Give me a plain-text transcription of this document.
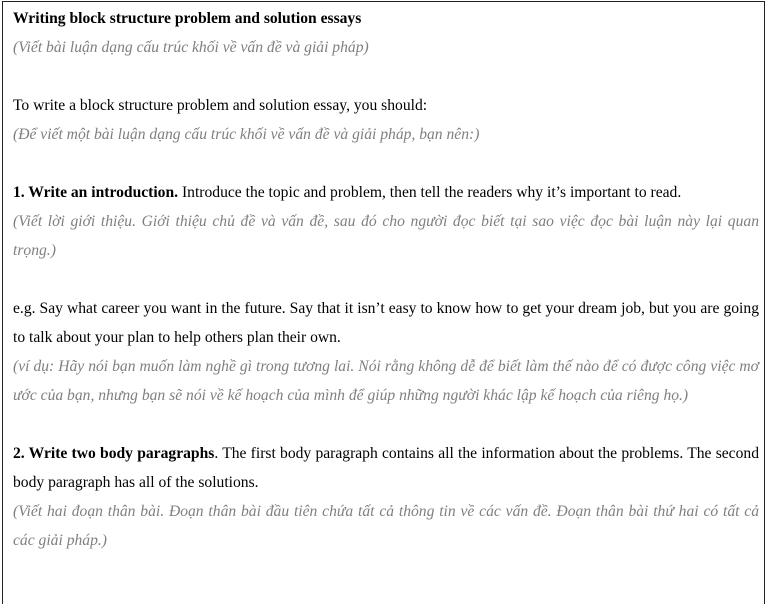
Writing block structure problem and solution essays
(Viết bài luận dạng cấu trúc khối về vấn đề và giải pháp)
To write a block structure problem and solution essay, you should:
(Để viết một bài luận dạng cấu trúc khối về vấn đề và giải pháp, bạn nên:)
1. Write an introduction. Introduce the topic and problem, then tell the readers why it’s important to read.
(Viết lời giới thiệu. Giới thiệu chủ đề và vấn đề, sau đó cho người đọc biết tại sao việc đọc bài luận này lại quan trọng.)
e.g. Say what career you want in the future. Say that it isn’t easy to know how to get your dream job, but you are going to talk about your plan to help others plan their own.
(ví dụ: Hãy nói bạn muốn làm nghề gì trong tương lai. Nói rằng không dễ để biết làm thế nào để có được công việc mơ ước của bạn, nhưng bạn sẽ nói về kế hoạch của mình để giúp những người khác lập kế hoạch của riêng họ.)
2. Write two body paragraphs. The first body paragraph contains all the information about the problems. The second body paragraph has all of the solutions.
(Viết hai đoạn thân bài. Đoạn thân bài đầu tiên chứa tất cả thông tin về các vấn đề. Đoạn thân bài thứ hai có tất cả các giải pháp.)
